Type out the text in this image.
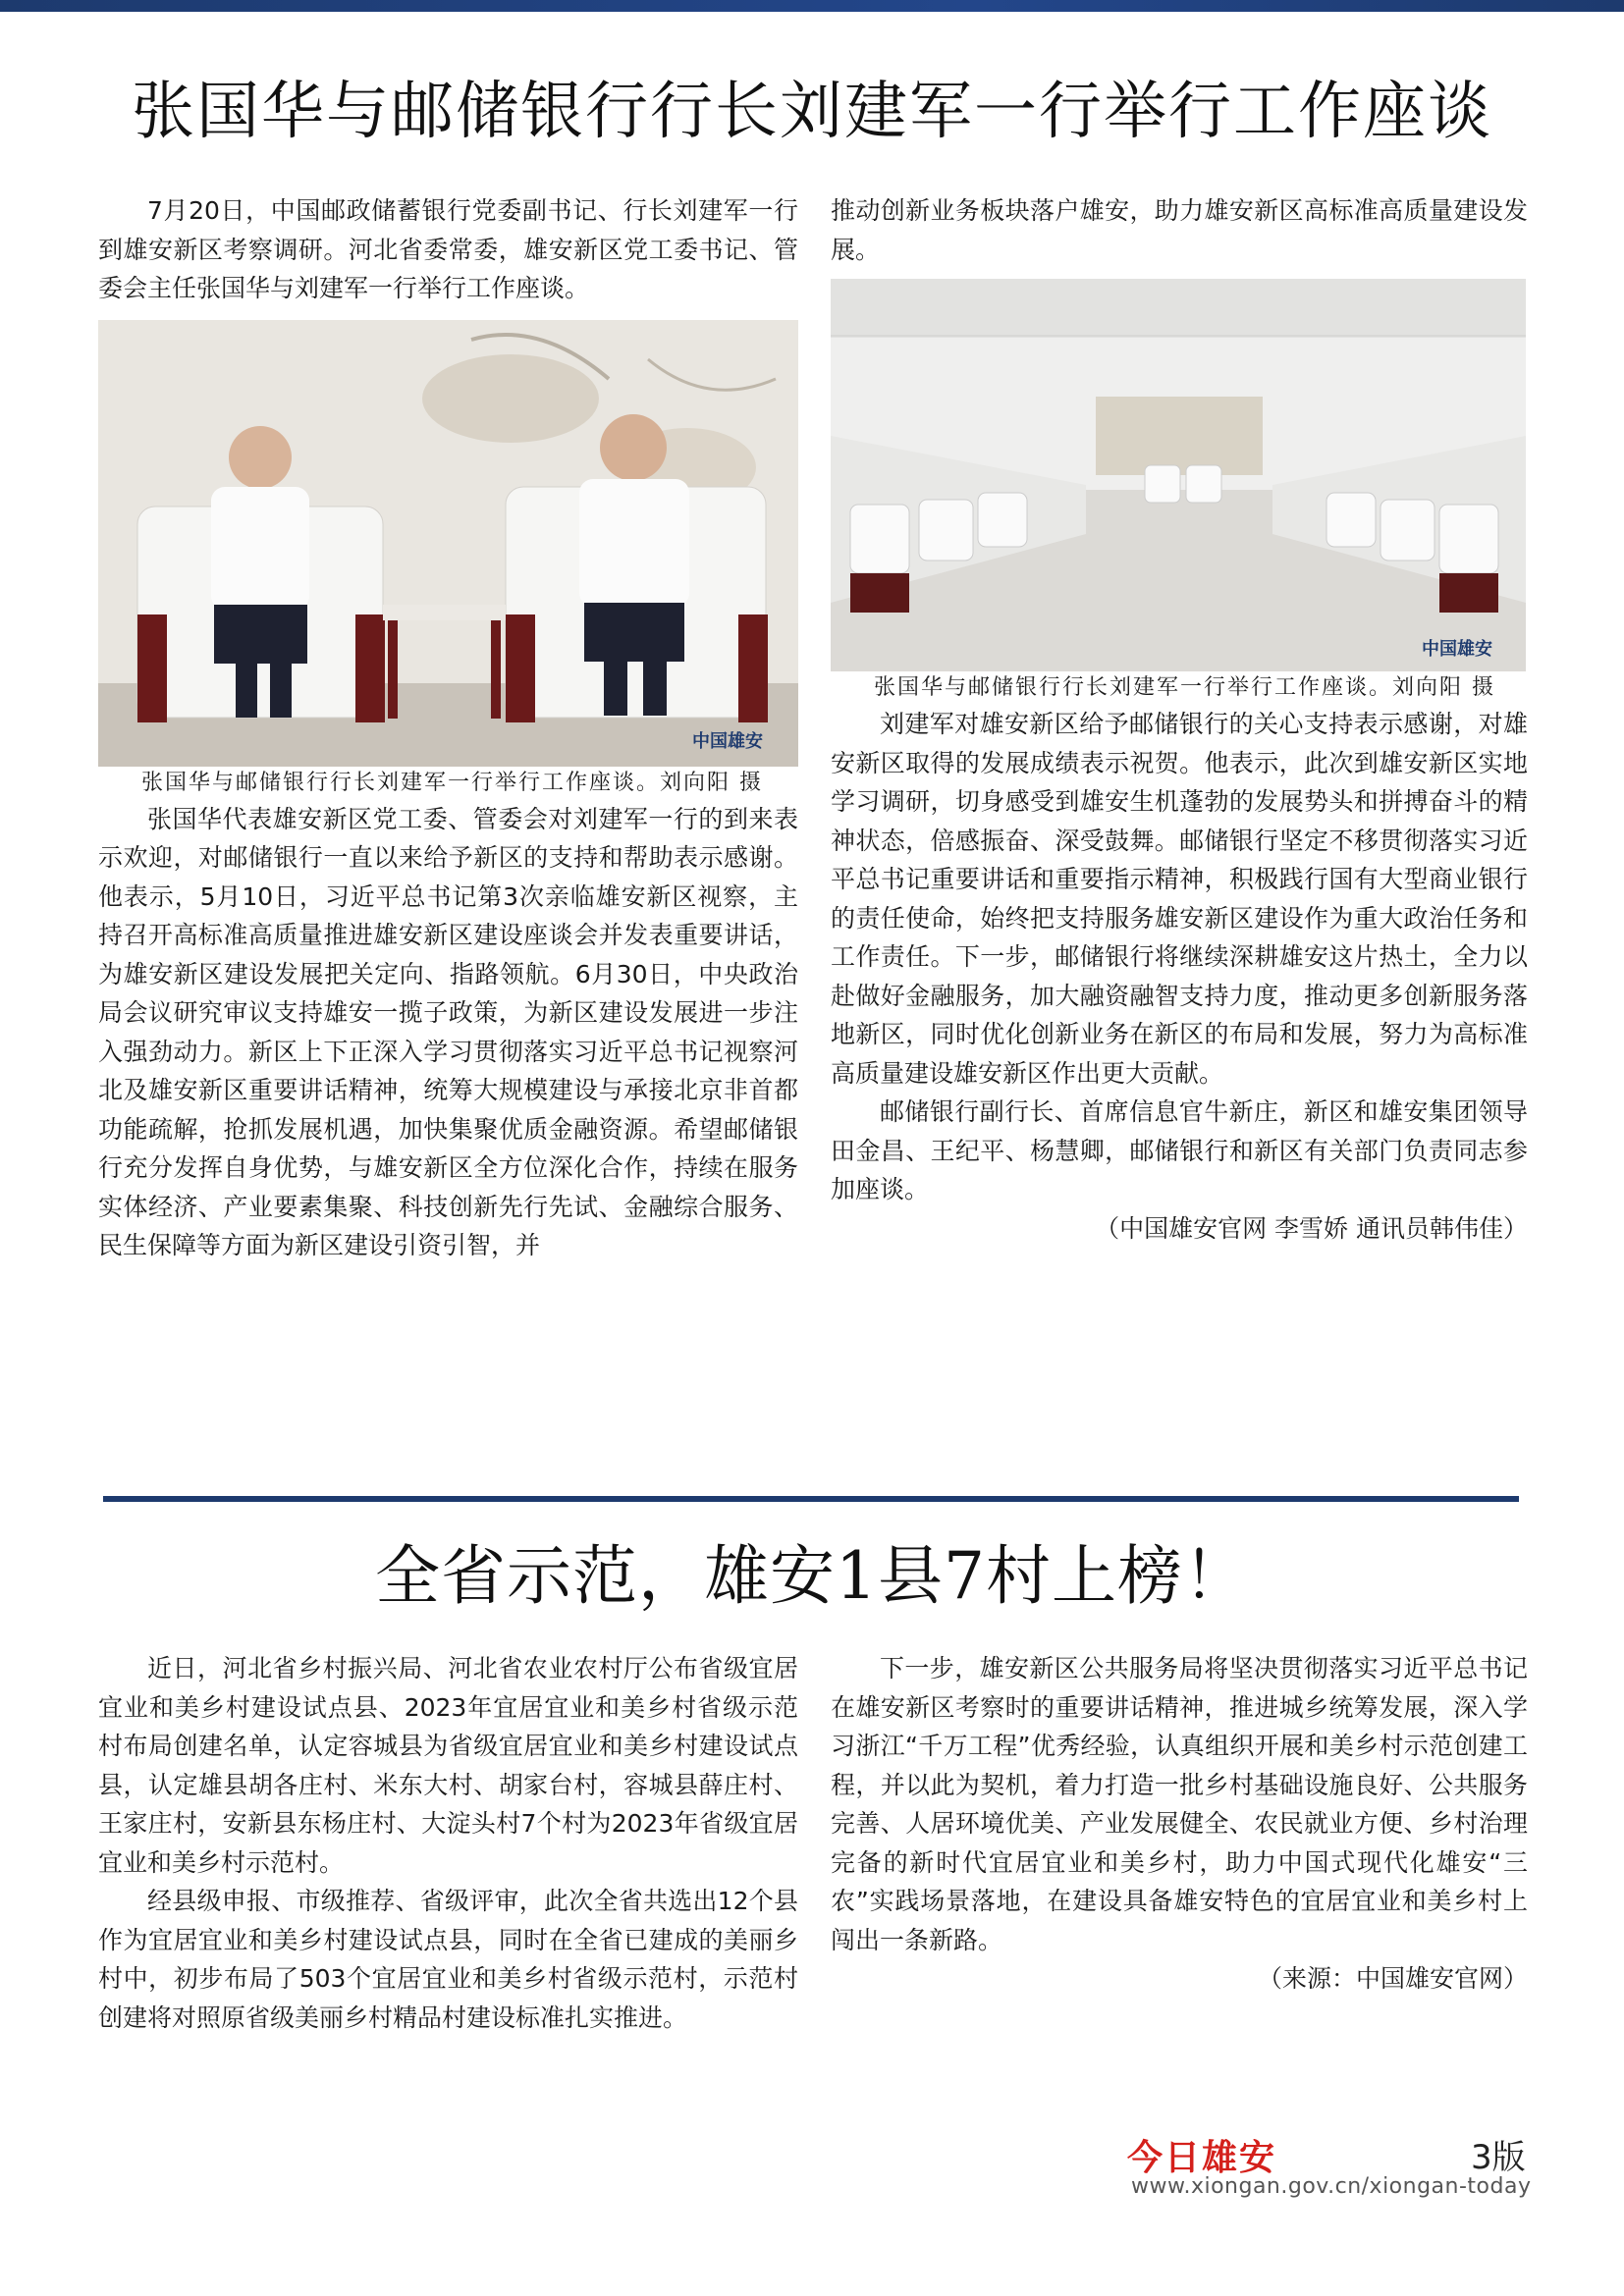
张国华与邮储银行行长刘建军一行举行工作座谈

7月20日，中国邮政储蓄银行党委副书记、行长刘建军一行到雄安新区考察调研。河北省委常委，雄安新区党工委书记、管委会主任张国华与刘建军一行举行工作座谈。

中国雄安

张国华与邮储银行行长刘建军一行举行工作座谈。刘向阳 摄

张国华代表雄安新区党工委、管委会对刘建军一行的到来表示欢迎，对邮储银行一直以来给予新区的支持和帮助表示感谢。他表示，5月10日，习近平总书记第3次亲临雄安新区视察，主持召开高标准高质量推进雄安新区建设座谈会并发表重要讲话，为雄安新区建设发展把关定向、指路领航。6月30日，中央政治局会议研究审议支持雄安一揽子政策，为新区建设发展进一步注入强劲动力。新区上下正深入学习贯彻落实习近平总书记视察河北及雄安新区重要讲话精神，统筹大规模建设与承接北京非首都功能疏解，抢抓发展机遇，加快集聚优质金融资源。希望邮储银行充分发挥自身优势，与雄安新区全方位深化合作，持续在服务实体经济、产业要素集聚、科技创新先行先试、金融综合服务、民生保障等方面为新区建设引资引智，并

推动创新业务板块落户雄安，助力雄安新区高标准高质量建设发展。

中国雄安

张国华与邮储银行行长刘建军一行举行工作座谈。刘向阳 摄

刘建军对雄安新区给予邮储银行的关心支持表示感谢，对雄安新区取得的发展成绩表示祝贺。他表示，此次到雄安新区实地学习调研，切身感受到雄安生机蓬勃的发展势头和拼搏奋斗的精神状态，倍感振奋、深受鼓舞。邮储银行坚定不移贯彻落实习近平总书记重要讲话和重要指示精神，积极践行国有大型商业银行的责任使命，始终把支持服务雄安新区建设作为重大政治任务和工作责任。下一步，邮储银行将继续深耕雄安这片热土，全力以赴做好金融服务，加大融资融智支持力度，推动更多创新服务落地新区，同时优化创新业务在新区的布局和发展，努力为高标准高质量建设雄安新区作出更大贡献。

邮储银行副行长、首席信息官牛新庄，新区和雄安集团领导田金昌、王纪平、杨慧卿，邮储银行和新区有关部门负责同志参加座谈。

（中国雄安官网 李雪娇 通讯员韩伟佳）

全省示范，雄安1县7村上榜！

近日，河北省乡村振兴局、河北省农业农村厅公布省级宜居宜业和美乡村建设试点县、2023年宜居宜业和美乡村省级示范村布局创建名单，认定容城县为省级宜居宜业和美乡村建设试点县，认定雄县胡各庄村、米东大村、胡家台村，容城县薛庄村、王家庄村，安新县东杨庄村、大淀头村7个村为2023年省级宜居宜业和美乡村示范村。

经县级申报、市级推荐、省级评审，此次全省共选出12个县作为宜居宜业和美乡村建设试点县，同时在全省已建成的美丽乡村中，初步布局了503个宜居宜业和美乡村省级示范村，示范村创建将对照原省级美丽乡村精品村建设标准扎实推进。

下一步，雄安新区公共服务局将坚决贯彻落实习近平总书记在雄安新区考察时的重要讲话精神，推进城乡统筹发展，深入学习浙江“千万工程”优秀经验，认真组织开展和美乡村示范创建工程，并以此为契机，着力打造一批乡村基础设施良好、公共服务完善、人居环境优美、产业发展健全、农民就业方便、乡村治理完备的新时代宜居宜业和美乡村，助力中国式现代化雄安“三农”实践场景落地，在建设具备雄安特色的宜居宜业和美乡村上闯出一条新路。

（来源：中国雄安官网）

今日雄安	3版
www.xiongan.gov.cn/xiongan-today
